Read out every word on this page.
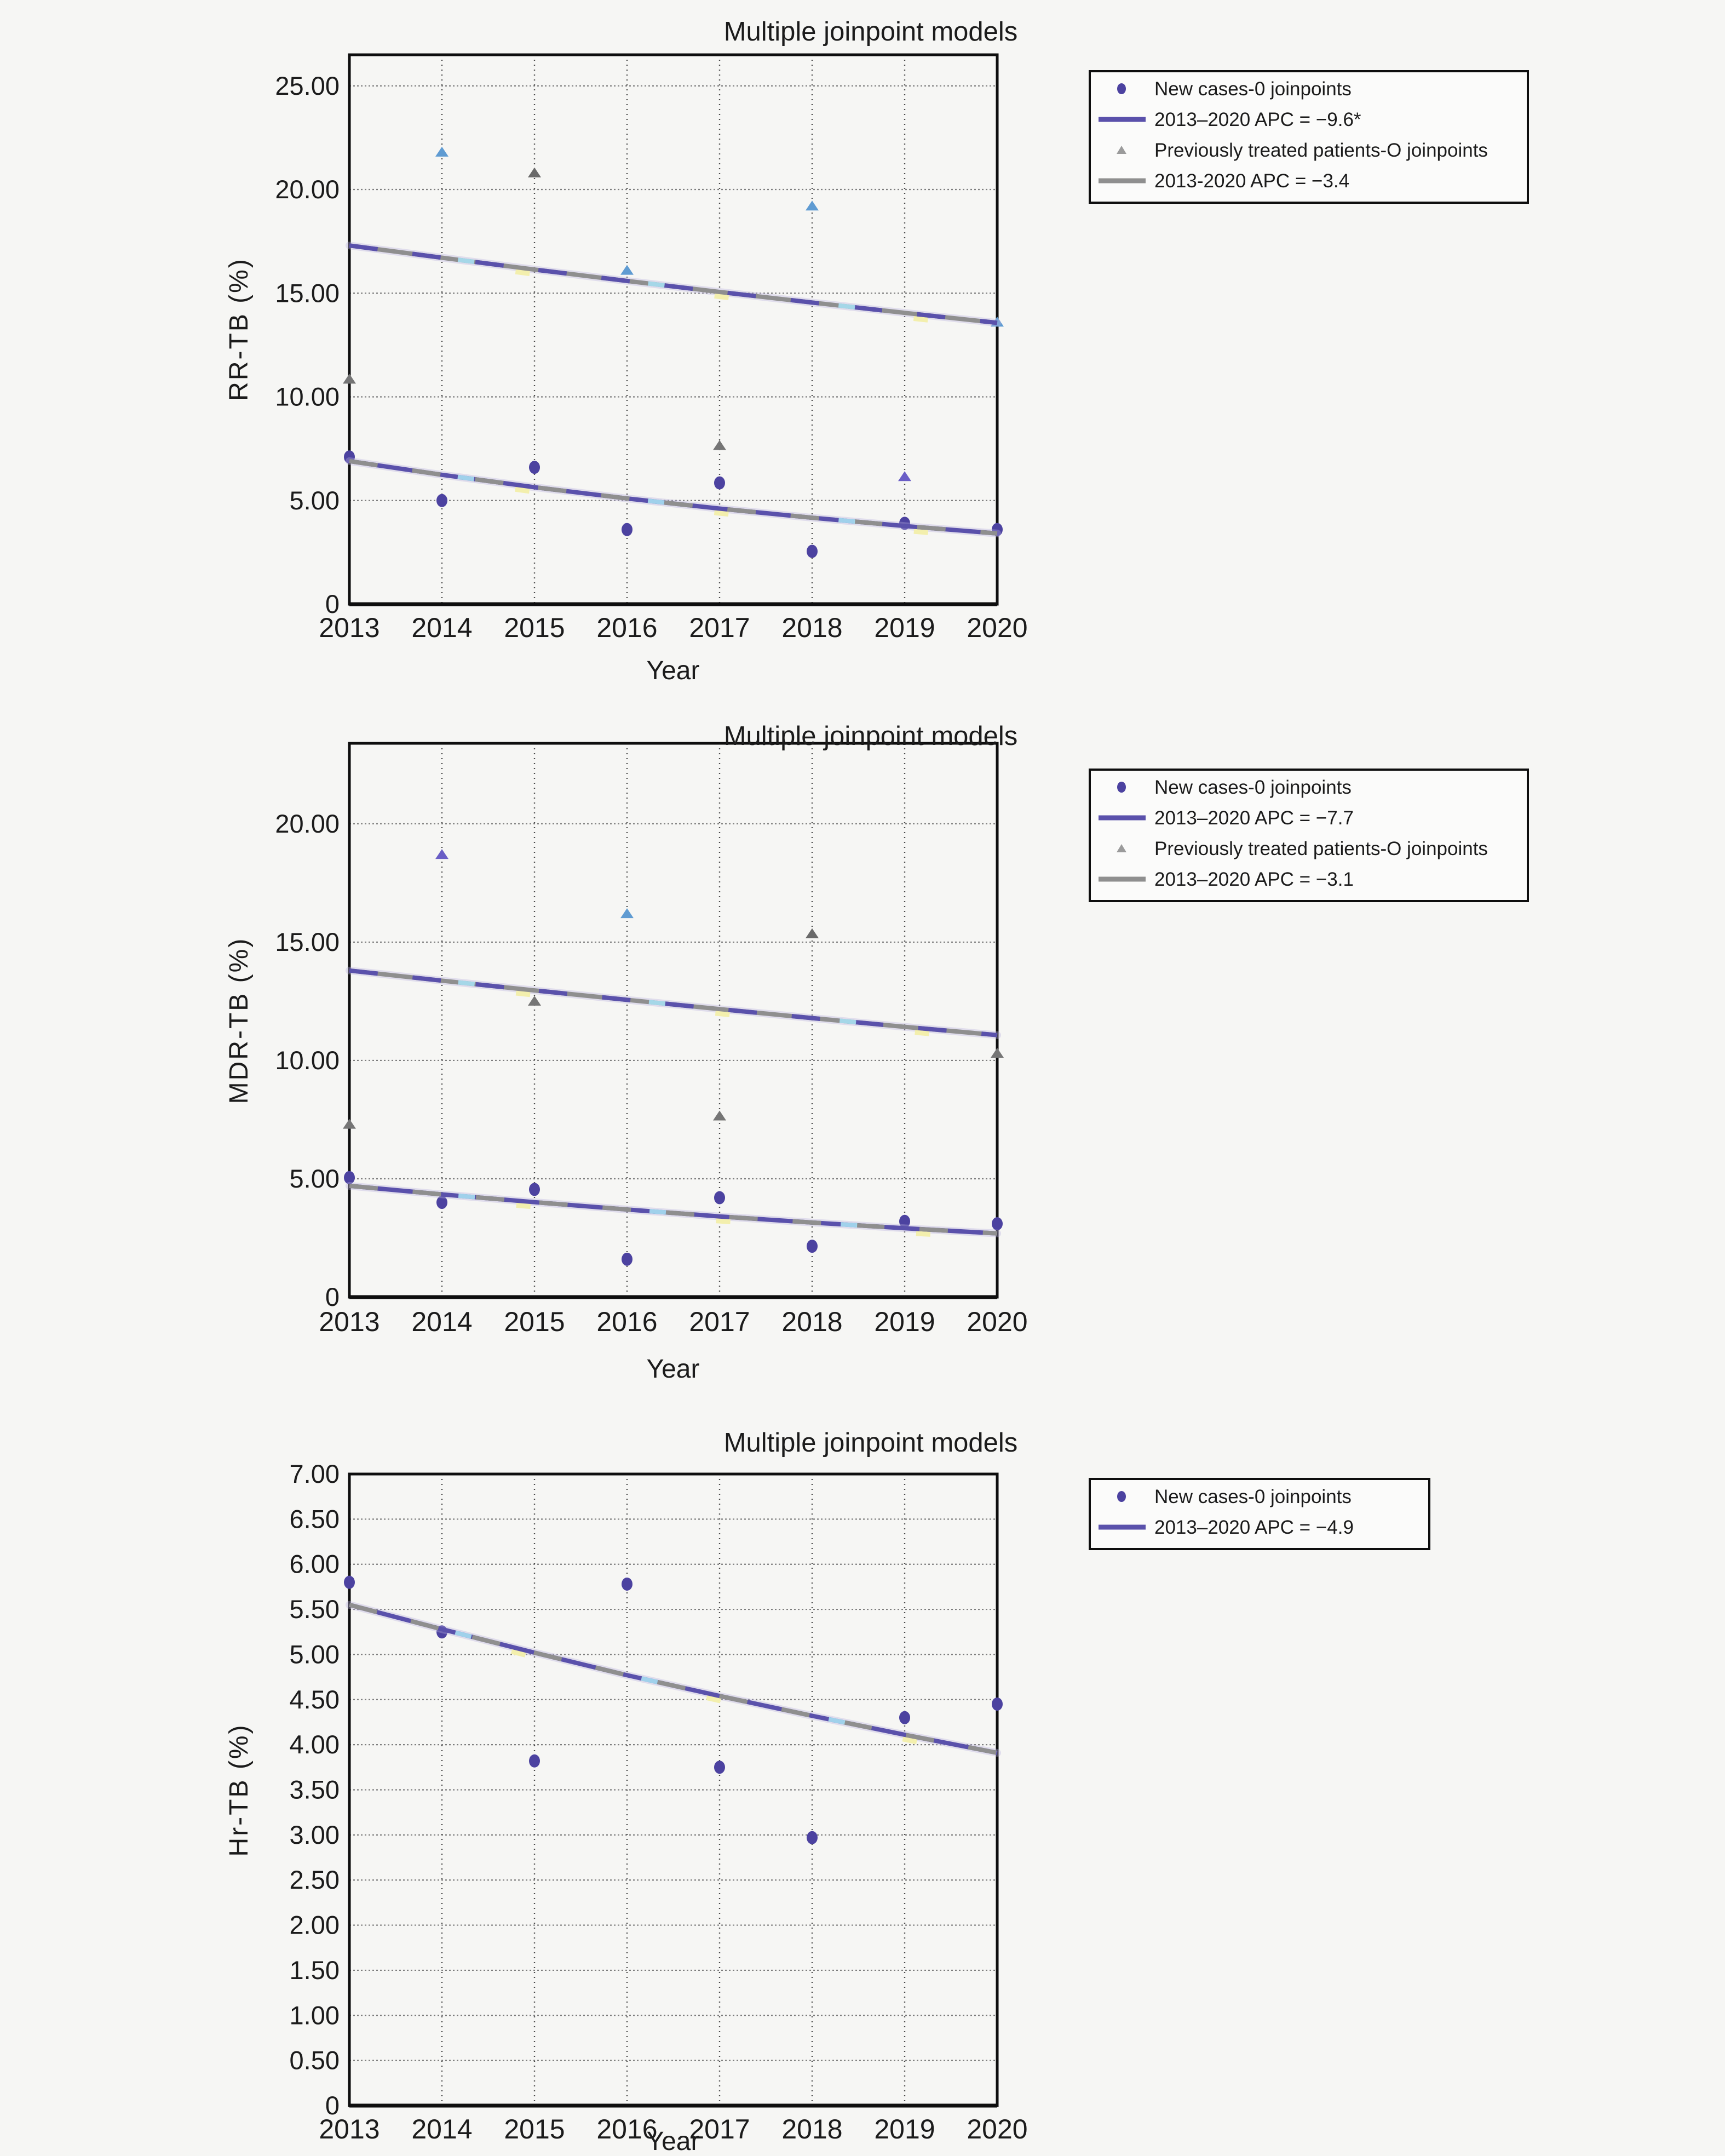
25.00
20.00
15.00
10.00
5.00
0
2013 2014 2015 2016 2017 2018 2019 2020
New cases-0 joinpoints
2013–2020 APC = −9.6*
Previously treated patients-O joinpoints
2013-2020 APC = −3.4
Multiple joinpoint models
RR-TB (%)
Year
20.00
15.00
10.00
5.00
0
2013 2014 2015 2016 2017 2018 2019 2020
New cases-0 joinpoints
2013–2020 APC = −7.7
Previously treated patients-O joinpoints
2013–2020 APC = −3.1
Multiple joinpoint models
MDR-TB (%)
Year
7.00
6.50
6.00
5.50
5.00
4.50
4.00
3.50
3.00
2.50
2.00
1.50
1.00
0.50
0
2013 2014 2015 2016 2017 2018 2019 2020
New cases-0 joinpoints
2013–2020 APC = −4.9
Multiple joinpoint models
Hr-TB (%)
Year
